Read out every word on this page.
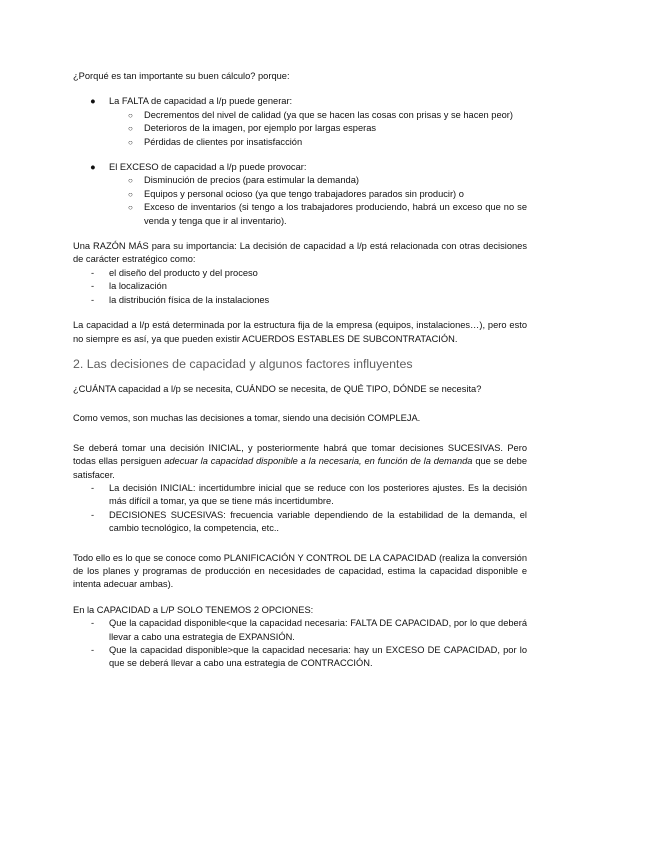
¿Porqué es tan importante su buen cálculo? porque:

● La FALTA de capacidad a l/p puede generar:
○ Decrementos del nivel de calidad (ya que se hacen las cosas con prisas y se hacen peor)
○ Deterioros de la imagen, por ejemplo por largas esperas
○ Pérdidas de clientes por insatisfacción
● El EXCESO de capacidad a l/p puede provocar:
○ Disminución de precios (para estimular la demanda)
○ Equipos y personal ocioso (ya que tengo trabajadores parados sin producir) o
○ Exceso de inventarios (si tengo a los trabajadores produciendo, habrá un exceso que no se venda y tenga que ir al inventario).

Una RAZÓN MÁS para su importancia: La decisión de capacidad a l/p está relacionada con otras decisiones de carácter estratégico como:

- el diseño del producto y del proceso
- la localización
- la distribución física de la instalaciones

La capacidad a l/p está determinada por la estructura fija de la empresa (equipos, instalaciones…), pero esto no siempre es así, ya que pueden existir ACUERDOS ESTABLES DE SUBCONTRATACIÓN.

2. Las decisiones de capacidad y algunos factores influyentes

¿CUÁNTA capacidad a l/p se necesita, CUÁNDO se necesita, de QUÉ TIPO, DÓNDE se necesita?

Como vemos, son muchas las decisiones a tomar, siendo una decisión COMPLEJA.

Se deberá tomar una decisión INICIAL, y posteriormente habrá que tomar decisiones SUCESIVAS. Pero todas ellas persiguen adecuar la capacidad disponible a la necesaria, en función de la demanda que se debe satisfacer.

- La decisión INICIAL: incertidumbre inicial que se reduce con los posteriores ajustes. Es la decisión más difícil a tomar, ya que se tiene más incertidumbre.
- DECISIONES SUCESIVAS: frecuencia variable dependiendo de la estabilidad de la demanda, el cambio tecnológico, la competencia, etc..

Todo ello es lo que se conoce como PLANIFICACIÓN Y CONTROL DE LA CAPACIDAD (realiza la conversión de los planes y programas de producción en necesidades de capacidad, estima la capacidad disponible e intenta adecuar ambas).

En la CAPACIDAD a L/P SOLO TENEMOS 2 OPCIONES:

- Que la capacidad disponible<que la capacidad necesaria: FALTA DE CAPACIDAD, por lo que deberá llevar a cabo una estrategia de EXPANSIÓN.
- Que la capacidad disponible>que la capacidad necesaria: hay un EXCESO DE CAPACIDAD, por lo que se deberá llevar a cabo una estrategia de CONTRACCIÓN.
